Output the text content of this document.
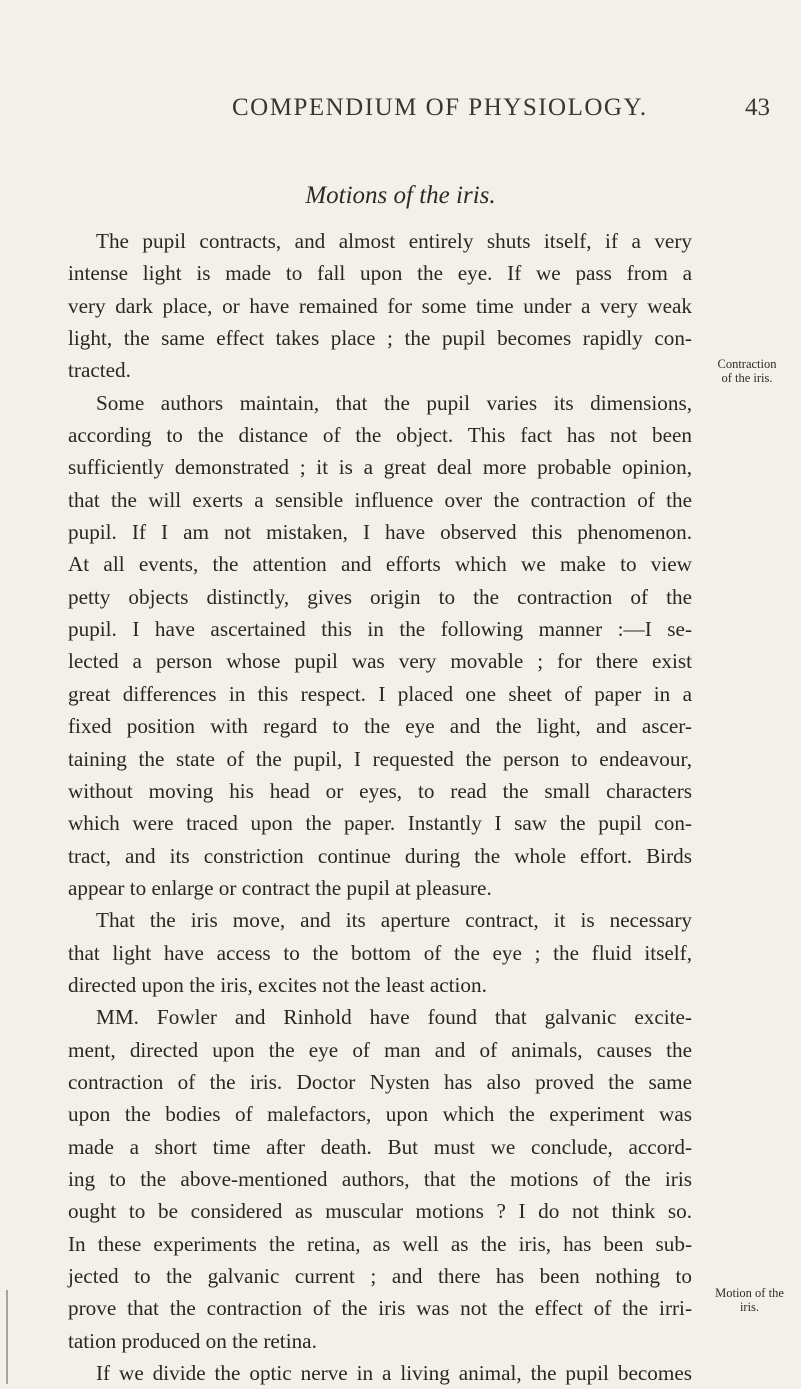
COMPENDIUM OF PHYSIOLOGY.	43
Motions of the iris.
The pupil contracts, and almost entirely shuts itself, if a very
intense light is made to fall upon the eye. If we pass from a
very dark place, or have remained for some time under a very weak
light, the same effect takes place ; the pupil becomes rapidly con-
tracted.
Some authors maintain, that the pupil varies its dimensions,
according to the distance of the object. This fact has not been
sufficiently demonstrated ; it is a great deal more probable opinion,
that the will exerts a sensible influence over the contraction of the
pupil. If I am not mistaken, I have observed this phenomenon.
At all events, the attention and efforts which we make to view
petty objects distinctly, gives origin to the contraction of the
pupil. I have ascertained this in the following manner :—I se-
lected a person whose pupil was very movable ; for there exist
great differences in this respect. I placed one sheet of paper in a
fixed position with regard to the eye and the light, and ascer-
taining the state of the pupil, I requested the person to endeavour,
without moving his head or eyes, to read the small characters
which were traced upon the paper. Instantly I saw the pupil con-
tract, and its constriction continue during the whole effort. Birds
appear to enlarge or contract the pupil at pleasure.
That the iris move, and its aperture contract, it is necessary
that light have access to the bottom of the eye ; the fluid itself,
directed upon the iris, excites not the least action.
MM. Fowler and Rinhold have found that galvanic excite-
ment, directed upon the eye of man and of animals, causes the
contraction of the iris. Doctor Nysten has also proved the same
upon the bodies of malefactors, upon which the experiment was
made a short time after death. But must we conclude, accord-
ing to the above-mentioned authors, that the motions of the iris
ought to be considered as muscular motions ? I do not think so.
In these experiments the retina, as well as the iris, has been sub-
jected to the galvanic current ; and there has been nothing to
prove that the contraction of the iris was not the effect of the irri-
tation produced on the retina.
If we divide the optic nerve in a living animal, the pupil becomes
Contraction
of the iris.
Motion of the
iris.
